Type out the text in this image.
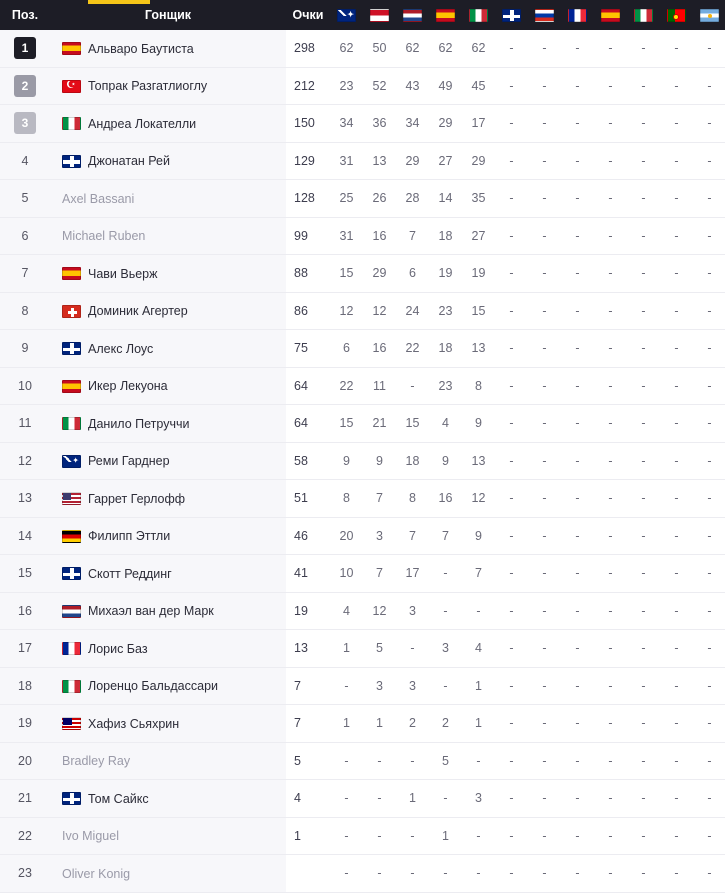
Поз.	Гонщик	Очки	✦											
1	Альваро Баутиста	298	62	50	62	62	62	-	-	-	-	-	-	-
2	☪Топрак Разгатлиоглу	212	23	52	43	49	45	-	-	-	-	-	-	-
3	Андреа Локателли	150	34	36	34	29	17	-	-	-	-	-	-	-
4	Джонатан Рей	129	31	13	29	27	29	-	-	-	-	-	-	-
5	Axel Bassani	128	25	26	28	14	35	-	-	-	-	-	-	-
6	Michael Ruben	99	31	16	7	18	27	-	-	-	-	-	-	-
7	Чави Вьерж	88	15	29	6	19	19	-	-	-	-	-	-	-
8	Доминик Агертер	86	12	12	24	23	15	-	-	-	-	-	-	-
9	Алекс Лоус	75	6	16	22	18	13	-	-	-	-	-	-	-
10	Икер Лекуона	64	22	11	-	23	8	-	-	-	-	-	-	-
11	Данило Петруччи	64	15	21	15	4	9	-	-	-	-	-	-	-
12	✦Реми Гарднер	58	9	9	18	9	13	-	-	-	-	-	-	-
13	Гаррет Герлофф	51	8	7	8	16	12	-	-	-	-	-	-	-
14	Филипп Эттли	46	20	3	7	7	9	-	-	-	-	-	-	-
15	Скотт Реддинг	41	10	7	17	-	7	-	-	-	-	-	-	-
16	Михаэл ван дер Марк	19	4	12	3	-	-	-	-	-	-	-	-	-
17	Лорис Баз	13	1	5	-	3	4	-	-	-	-	-	-	-
18	Лоренцо Бальдассари	7	-	3	3	-	1	-	-	-	-	-	-	-
19	Хафиз Сьяхрин	7	1	1	2	2	1	-	-	-	-	-	-	-
20	Bradley Ray	5	-	-	-	5	-	-	-	-	-	-	-	-
21	Том Сайкс	4	-	-	1	-	3	-	-	-	-	-	-	-
22	Ivo Miguel	1	-	-	-	1	-	-	-	-	-	-	-	-
23	Oliver Konig		-	-	-	-	-	-	-	-	-	-	-	-
